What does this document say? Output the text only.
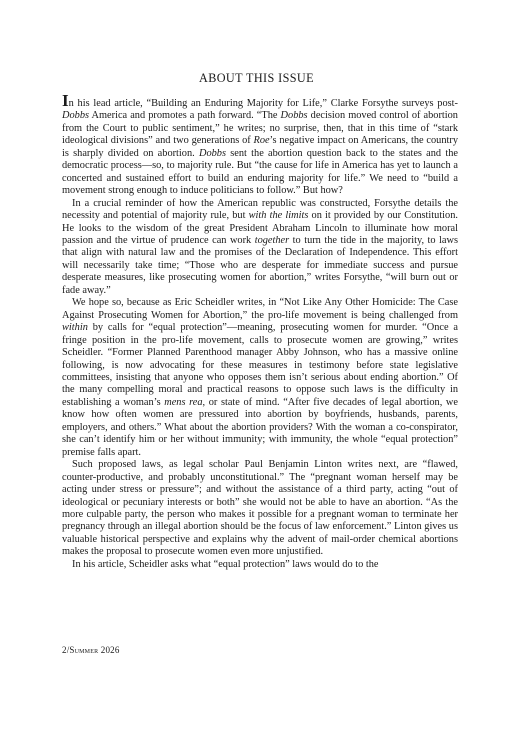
ABOUT THIS ISSUE

In his lead article, “Building an Enduring Majority for Life,” Clarke Forsythe surveys post-Dobbs America and promotes a path forward. “The Dobbs decision moved control of abortion from the Court to public sentiment,” he writes; no surprise, then, that in this time of “stark ideological divisions” and two generations of Roe’s negative impact on Americans, the country is sharply divided on abortion. Dobbs sent the abortion question back to the states and the democratic process—so, to majority rule. But “the cause for life in America has yet to launch a concerted and sustained effort to build an enduring majority for life.” We need to “build a movement strong enough to induce politicians to follow.” But how?

In a crucial reminder of how the American republic was constructed, Forsythe details the necessity and potential of majority rule, but with the limits on it provided by our Constitution. He looks to the wisdom of the great President Abraham Lincoln to illuminate how moral passion and the virtue of prudence can work together to turn the tide in the majority, to laws that align with natural law and the promises of the Declaration of Independence. This effort will necessarily take time; “Those who are desperate for immediate success and pursue desperate measures, like prosecuting women for abortion,” writes Forsythe, “will burn out or fade away.”

We hope so, because as Eric Scheidler writes, in “Not Like Any Other Homicide: The Case Against Prosecuting Women for Abortion,” the pro-life movement is being challenged from within by calls for “equal protection”—meaning, prosecuting women for murder. “Once a fringe position in the pro-life movement, calls to prosecute women are growing,” writes Scheidler. “Former Planned Parenthood manager Abby Johnson, who has a massive online following, is now advocating for these measures in testimony before state legislative committees, insisting that anyone who opposes them isn’t serious about ending abortion.” Of the many compelling moral and practical reasons to oppose such laws is the difficulty in establishing a woman’s mens rea, or state of mind. “After five decades of legal abortion, we know how often women are pressured into abortion by boyfriends, husbands, parents, employers, and others.” What about the abortion providers? With the woman a co-conspirator, she can’t identify him or her without immunity; with immunity, the whole “equal protection” premise falls apart.

Such proposed laws, as legal scholar Paul Benjamin Linton writes next, are “flawed, counter-productive, and probably unconstitutional.” The “pregnant woman herself may be acting under stress or pressure”; and without the assistance of a third party, acting “out of ideological or pecuniary interests or both” she would not be able to have an abortion. “As the more culpable party, the person who makes it possible for a pregnant woman to terminate her pregnancy through an illegal abortion should be the focus of law enforcement.” Linton gives us valuable historical perspective and explains why the advent of mail-order chemical abortions makes the proposal to prosecute women even more unjustified.

In his article, Scheidler asks what “equal protection” laws would do to the

2/Summer 2026
